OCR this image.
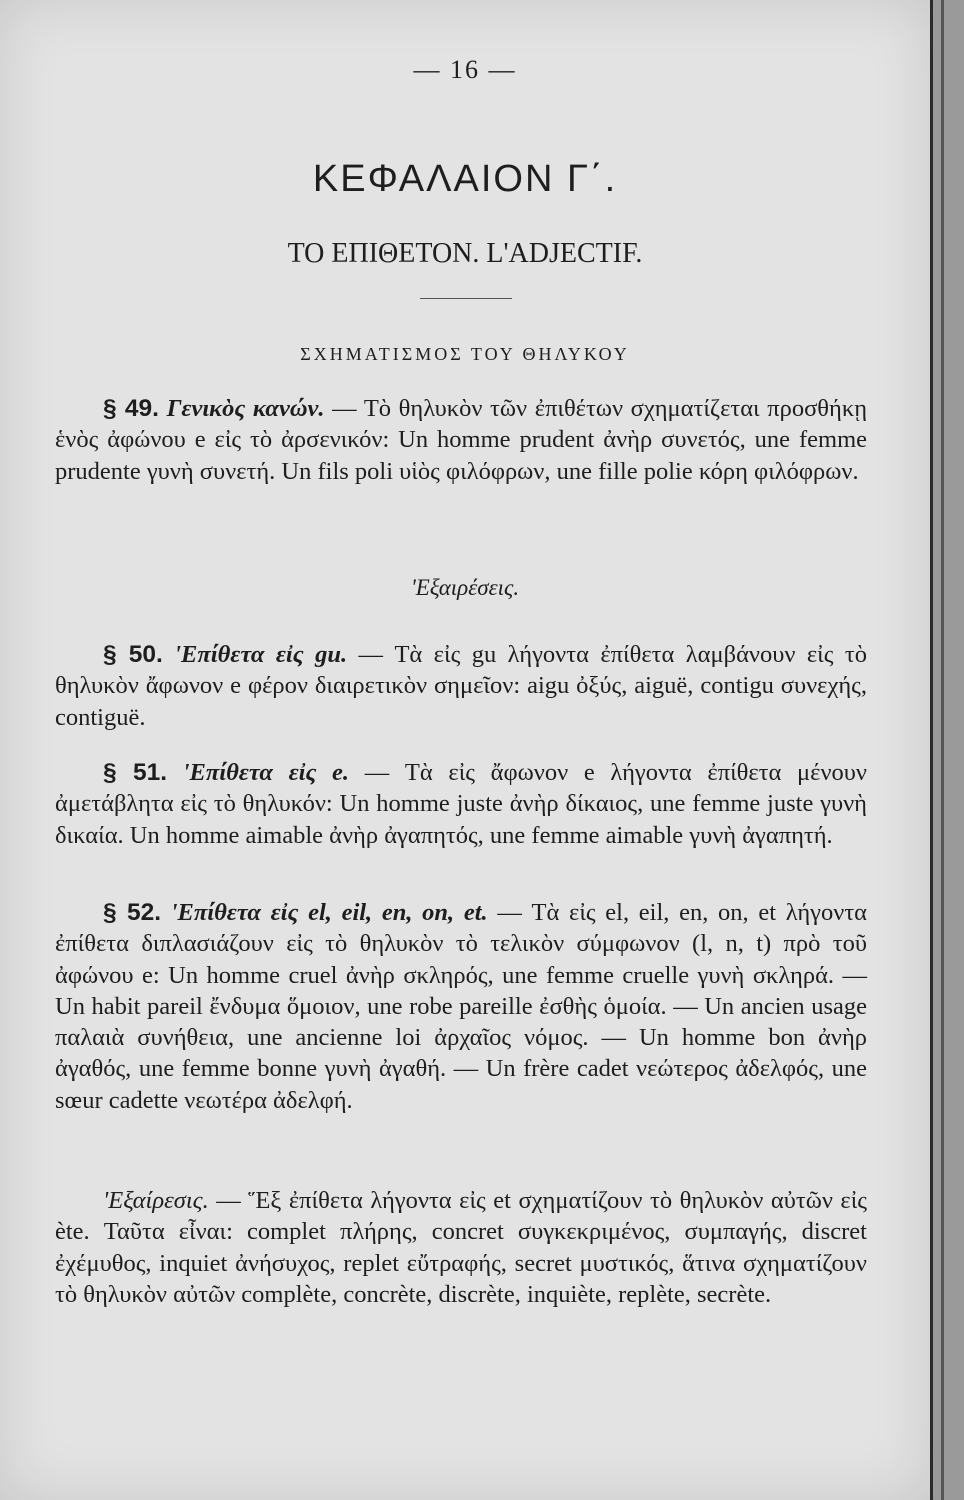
— 16 —
ΚΕΦΑΛΑΙΟΝ Γ΄.
ΤΟ ΕΠΙΘΕΤΟΝ. L'ADJECTIF.
ΣΧΗΜΑΤΙΣΜΟΣ ΤΟΥ ΘΗΛΥΚΟΥ
§ 49. Γενικὸς κανών. — Τὸ θηλυκὸν τῶν ἐπιθέτων σχηματίζεται προσθήκῃ ἑνὸς ἀφώνου e εἰς τὸ ἀρσενικόν: Un homme prudent ἀνὴρ συνετός, une femme prudente γυνὴ συνετή. Un fils poli υἱὸς φιλόφρων, une fille polie κόρη φιλόφρων.
'Εξαιρέσεις.
§ 50. 'Επίθετα εἰς gu. — Τὰ εἰς gu λήγοντα ἐπίθετα λαμβάνουν εἰς τὸ θηλυκὸν ἄφωνον e φέρον διαιρετικὸν σημεῖον: aigu ὀξύς, aiguë, contigu συνεχής, contiguë.
§ 51. 'Επίθετα εἰς e. — Τὰ εἰς ἄφωνον e λήγοντα ἐπίθετα μένουν ἀμετάβλητα εἰς τὸ θηλυκόν: Un homme juste ἀνὴρ δίκαιος, une femme juste γυνὴ δικαία. Un homme aimable ἀνὴρ ἀγαπητός, une femme aimable γυνὴ ἀγαπητή.
§ 52. 'Επίθετα εἰς el, eil, en, on, et. — Τὰ εἰς el, eil, en, on, et λήγοντα ἐπίθετα διπλασιάζουν εἰς τὸ θηλυκὸν τὸ τελικὸν σύμφωνον (l, n, t) πρὸ τοῦ ἀφώνου e: Un homme cruel ἀνὴρ σκληρός, une femme cruelle γυνὴ σκληρά. — Un habit pareil ἔνδυμα ὅμοιον, une robe pareille ἐσθὴς ὁμοία. — Un ancien usage παλαιὰ συνήθεια, une ancienne loi ἀρχαῖος νόμος. — Un homme bon ἀνὴρ ἀγαθός, une femme bonne γυνὴ ἀγαθή. — Un frère cadet νεώτερος ἀδελφός, une sœur cadette νεωτέρα ἀδελφή.
'Εξαίρεσις. — Ἕξ ἐπίθετα λήγοντα εἰς et σχηματίζουν τὸ θηλυκὸν αὐτῶν εἰς ète. Ταῦτα εἶναι: complet πλήρης, concret συγκεκριμένος, συμπαγής, discret ἐχέμυθος, inquiet ἀνήσυχος, replet εὔτραφής, secret μυστικός, ἅτινα σχηματίζουν τὸ θηλυκὸν αὐτῶν complète, concrète, discrète, inquiète, replète, secrète.
